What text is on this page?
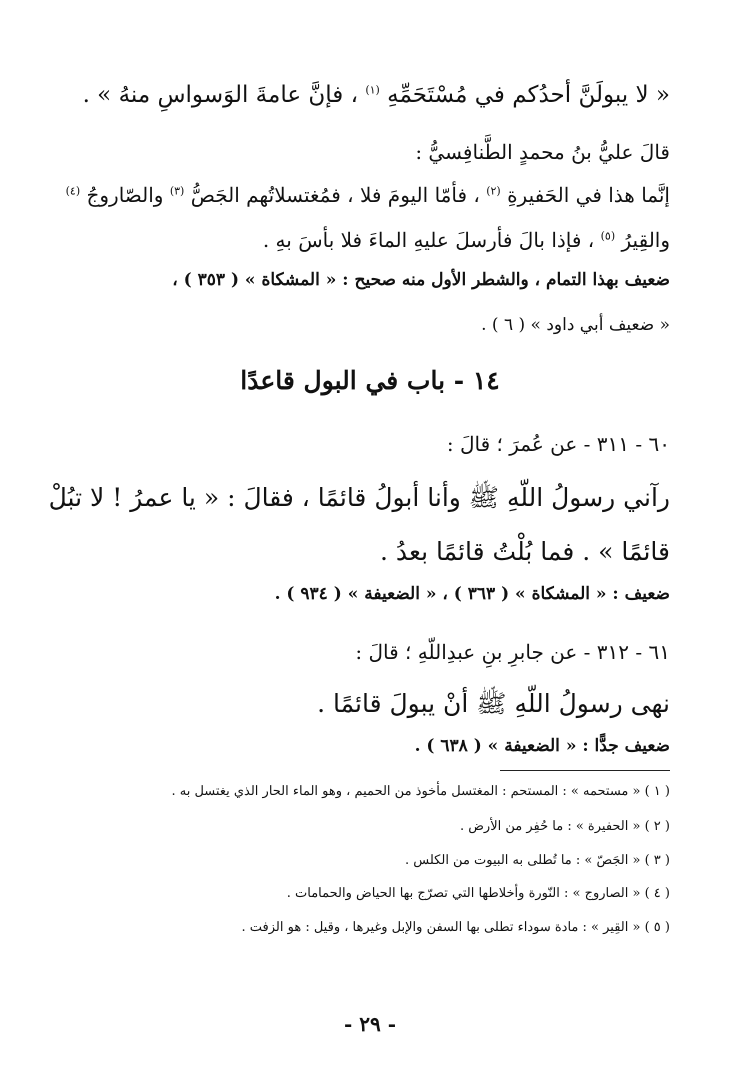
« لا يبولَنَّ أحدُكم في مُسْتَحَمِّهِ $^{(١)}$ ، فإنَّ عامةَ الوَسواسِ منهُ » .
قالَ عليُّ بنُ محمدٍ الطَّنافِسيُّ :
إنَّما هذا في الحَفيرةِ $^{(٢)}$ ، فأمّا اليومَ فلا ، فمُغتسلاتُهم الجَصُّ $^{(٣)}$ والصّاروجُ $^{(٤)}$
والقِيرُ $^{(٥)}$ ، فإذا بالَ فأرسلَ عليهِ الماءَ فلا بأسَ بهِ .
ضعيف بهذا التمام ، والشطر الأول منه صحيح : « المشكاة » ( ٣٥٣ ) ،
« ضعيف أبي داود » ( ٦ ) .
١٤ - باب في البول قاعدًا
٦٠ - ٣١١ - عن عُمرَ ؛ قالَ :
رآني رسولُ اللّهِ ﷺ وأنا أبولُ قائمًا ، فقالَ : « يا عمرُ ! لا تبُلْ
قائمًا » . فما بُلْتُ قائمًا بعدُ .
ضعيف : « المشكاة » ( ٣٦٣ ) ، « الضعيفة » ( ٩٣٤ ) .
٦١ - ٣١٢ - عن جابرِ بنِ عبدِاللّهِ ؛ قالَ :
نهى رسولُ اللّهِ ﷺ أنْ يبولَ قائمًا .
ضعيف جدًّا : « الضعيفة » ( ٦٣٨ ) .
( ١ ) « مستحمه » : المستحم : المغتسل مأخوذ من الحميم ، وهو الماء الحار الذي يغتسل به .
( ٢ ) « الحفيرة » : ما حُفِر من الأرض .
( ٣ ) « الجَصّ » : ما تُطلى به البيوت من الكلس .
( ٤ ) « الصاروج » : النّورة وأخلاطها التي تصرّج بها الحياض والحمامات .
( ٥ ) « القِير » : مادة سوداء تطلى بها السفن والإبل وغيرها ، وقيل : هو الزفت .
- ٢٩ -
